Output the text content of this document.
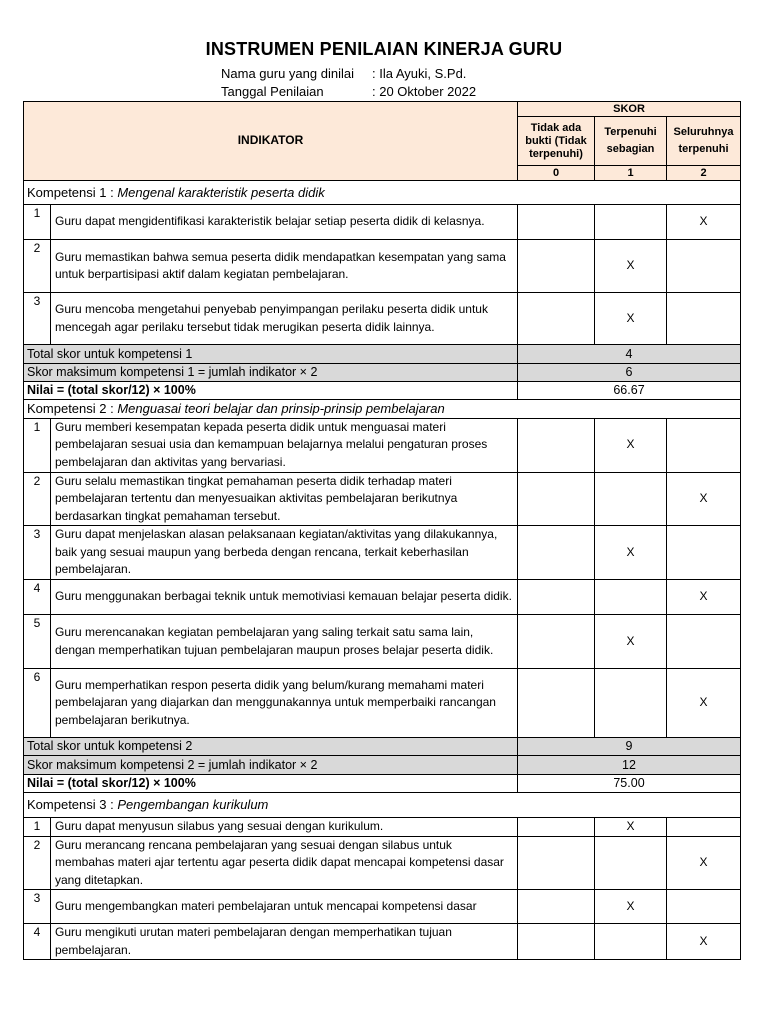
INSTRUMEN PENILAIAN KINERJA GURU
Nama guru yang dinilai : Ila Ayuki, S.Pd.
Tanggal Penilaian	: 20 Oktober 2022
INDIKATOR		SKOR		
		Tidak ada bukti (Tidak terpenuhi)	Terpenuhi sebagian	Seluruhnya terpenuhi
		0	1	2
Kompetensi 1 : Mengenal karakteristik peserta didik				
1	Guru dapat mengidentifikasi karakteristik belajar setiap peserta didik di kelasnya.			X
2	Guru memastikan bahwa semua peserta didik mendapatkan kesempatan yang sama untuk berpartisipasi aktif dalam kegiatan pembelajaran.		X	
3	Guru mencoba mengetahui penyebab penyimpangan perilaku peserta didik untuk mencegah agar perilaku tersebut tidak merugikan peserta didik lainnya.		X	
Total skor untuk kompetensi 1		4		
Skor maksimum kompetensi 1 = jumlah indikator × 2		6		
Nilai = (total skor/12) × 100%		66.67		
Kompetensi 2 : Menguasai teori belajar dan prinsip-prinsip pembelajaran				
1	Guru memberi kesempatan kepada peserta didik untuk menguasai materi pembelajaran sesuai usia dan kemampuan belajarnya melalui pengaturan proses pembelajaran dan aktivitas yang bervariasi.		X	
2	Guru selalu memastikan tingkat pemahaman peserta didik terhadap materi pembelajaran tertentu dan menyesuaikan aktivitas pembelajaran berikutnya berdasarkan tingkat pemahaman tersebut.			X
3	Guru dapat menjelaskan alasan pelaksanaan kegiatan/aktivitas yang dilakukannya, baik yang sesuai maupun yang berbeda dengan rencana, terkait keberhasilan pembelajaran.		X	
4	Guru menggunakan berbagai teknik untuk memotiviasi kemauan belajar peserta didik.			X
5	Guru merencanakan kegiatan pembelajaran yang saling terkait satu sama lain, dengan memperhatikan tujuan pembelajaran maupun proses belajar peserta didik.		X	
6	Guru memperhatikan respon peserta didik yang belum/kurang memahami materi pembelajaran yang diajarkan dan menggunakannya untuk memperbaiki rancangan pembelajaran berikutnya.			X
Total skor untuk kompetensi 2		9		
Skor maksimum kompetensi 2 = jumlah indikator × 2		12		
Nilai = (total skor/12) × 100%		75.00		
Kompetensi 3 : Pengembangan kurikulum				
1	Guru dapat menyusun silabus yang sesuai dengan kurikulum.		X	
2	Guru merancang rencana pembelajaran yang sesuai dengan silabus untuk membahas materi ajar tertentu agar peserta didik dapat mencapai kompetensi dasar yang ditetapkan.			X
3	Guru mengembangkan materi pembelajaran untuk mencapai kompetensi dasar		X	
4	Guru mengikuti urutan materi pembelajaran dengan memperhatikan tujuan pembelajaran.			X
